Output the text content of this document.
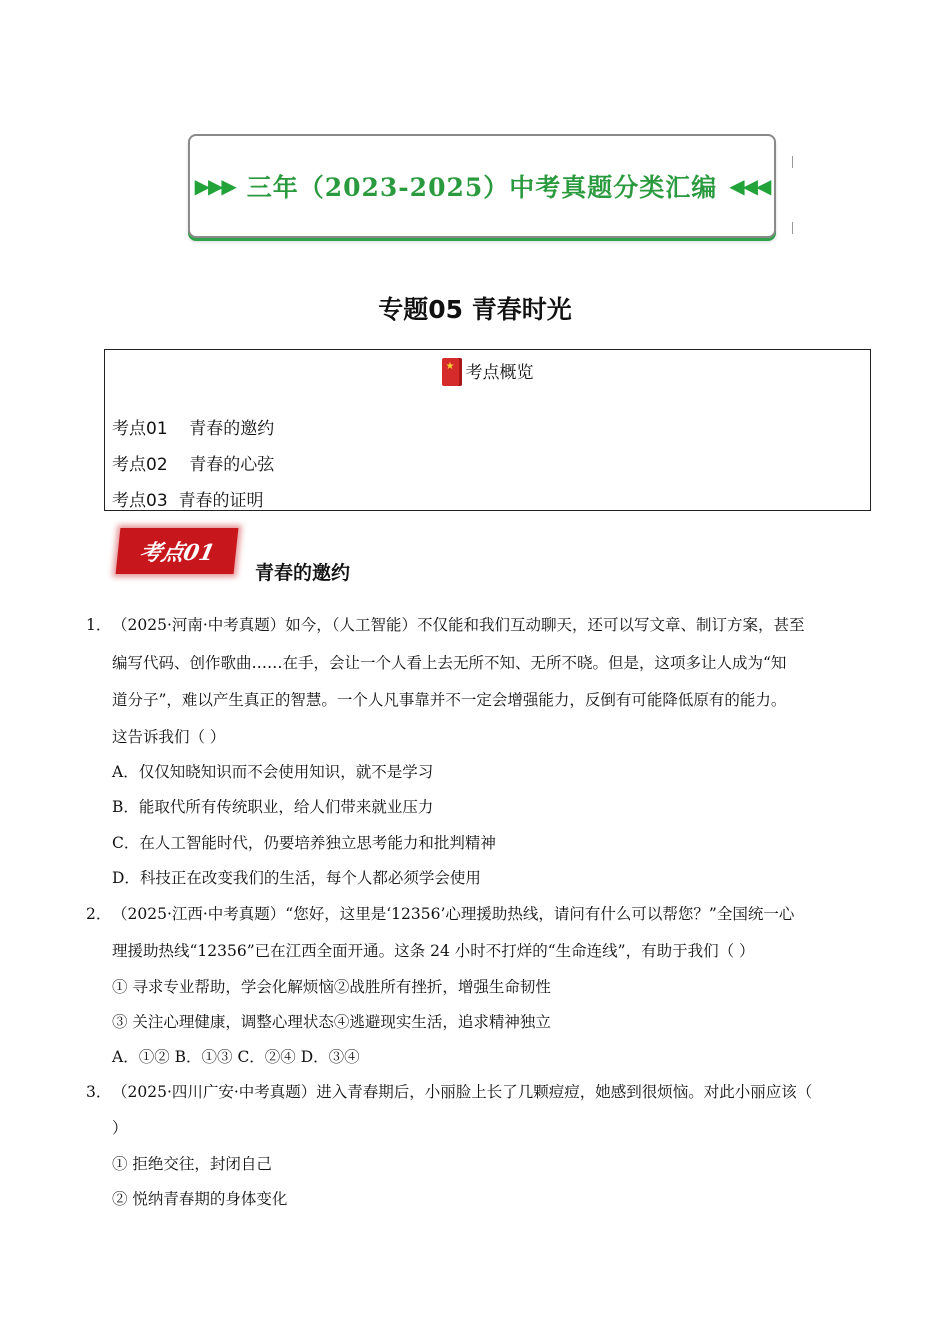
▶▶▶ 三年（2023-2025）中考真题分类汇编 ◀◀◀
专题05 青春时光
★考点概览
考点01    青春的邀约
考点02    青春的心弦
考点03  青春的证明
考点01
青春的邀约
1． （2025·河南·中考真题）如今，（人工智能）不仅能和我们互动聊天，还可以写文章、制订方案，甚至
编写代码、创作歌曲……在手，会让一个人看上去无所不知、无所不晓。但是，这项多让人成为“知
道分子”，难以产生真正的智慧。一个人凡事靠并不一定会增强能力，反倒有可能降低原有的能力。
这告诉我们（ ）
A．仅仅知晓知识而不会使用知识，就不是学习
B．能取代所有传统职业，给人们带来就业压力
C．在人工智能时代，仍要培养独立思考能力和批判精神
D．科技正在改变我们的生活，每个人都必须学会使用
2． （2025·江西·中考真题）“您好，这里是‘12356’心理援助热线，请问有什么可以帮您？”全国统一心
理援助热线“12356”已在江西全面开通。这条 24 小时不打烊的“生命连线”，有助于我们（ ）
① 寻求专业帮助，学会化解烦恼②战胜所有挫折，增强生命韧性
③ 关注心理健康，调整心理状态④逃避现实生活，追求精神独立
A．①② B．①③ C．②④ D．③④
3． （2025·四川广安·中考真题）进入青春期后，小丽脸上长了几颗痘痘，她感到很烦恼。对此小丽应该（
）
① 拒绝交往，封闭自己
② 悦纳青春期的身体变化
